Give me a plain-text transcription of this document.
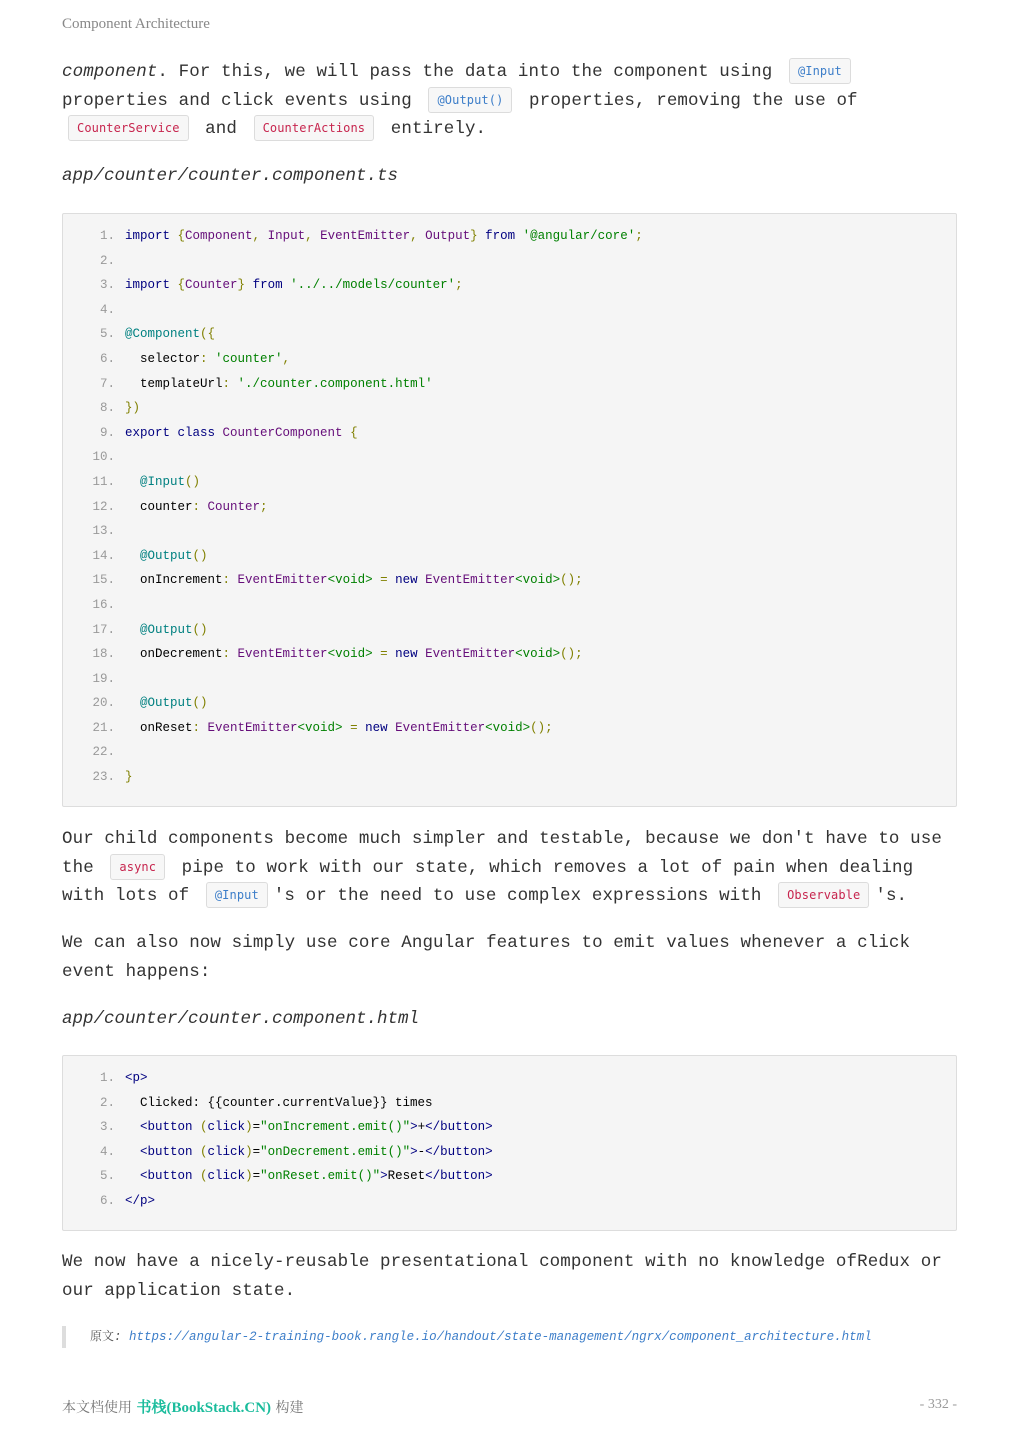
Component Architecture
component. For this, we will pass the data into the component using @Input properties and click events using @Output() properties, removing the use of CounterService and CounterActions entirely.
app/counter/counter.component.ts
1. import {Component, Input, EventEmitter, Output} from '@angular/core';
2.
3. import {Counter} from '../../models/counter';
4.
5. @Component({
6.  selector: 'counter',
7.  templateUrl: './counter.component.html'
8. })
9. export class CounterComponent {
10.
11. @Input()
12.  counter: Counter;
13.
14. @Output()
15.  onIncrement: EventEmitter<void> = new EventEmitter<void>();
16.
17. @Output()
18.  onDecrement: EventEmitter<void> = new EventEmitter<void>();
19.
20. @Output()
21.  onReset: EventEmitter<void> = new EventEmitter<void>();
22.
23. }
Our child components become much simpler and testable, because we don't have to use the async pipe to work with our state, which removes a lot of pain when dealing with lots of @Input 's or the need to use complex expressions with Observable 's.
We can also now simply use core Angular features to emit values whenever a click event happens:
app/counter/counter.component.html
1. <p>
2.  Clicked: {{counter.currentValue}} times
3. <button (click)="onIncrement.emit()">+</button>
4. <button (click)="onDecrement.emit()">-</button>
5. <button (click)="onReset.emit()">Reset</button>
6. </p>
We now have a nicely-reusable presentational component with no knowledge ofRedux or our application state.
原文: https://angular-2-training-book.rangle.io/handout/state-management/ngrx/component_architecture.html
本文档使用 书栈(BookStack.CN) 构建	- 332 -
